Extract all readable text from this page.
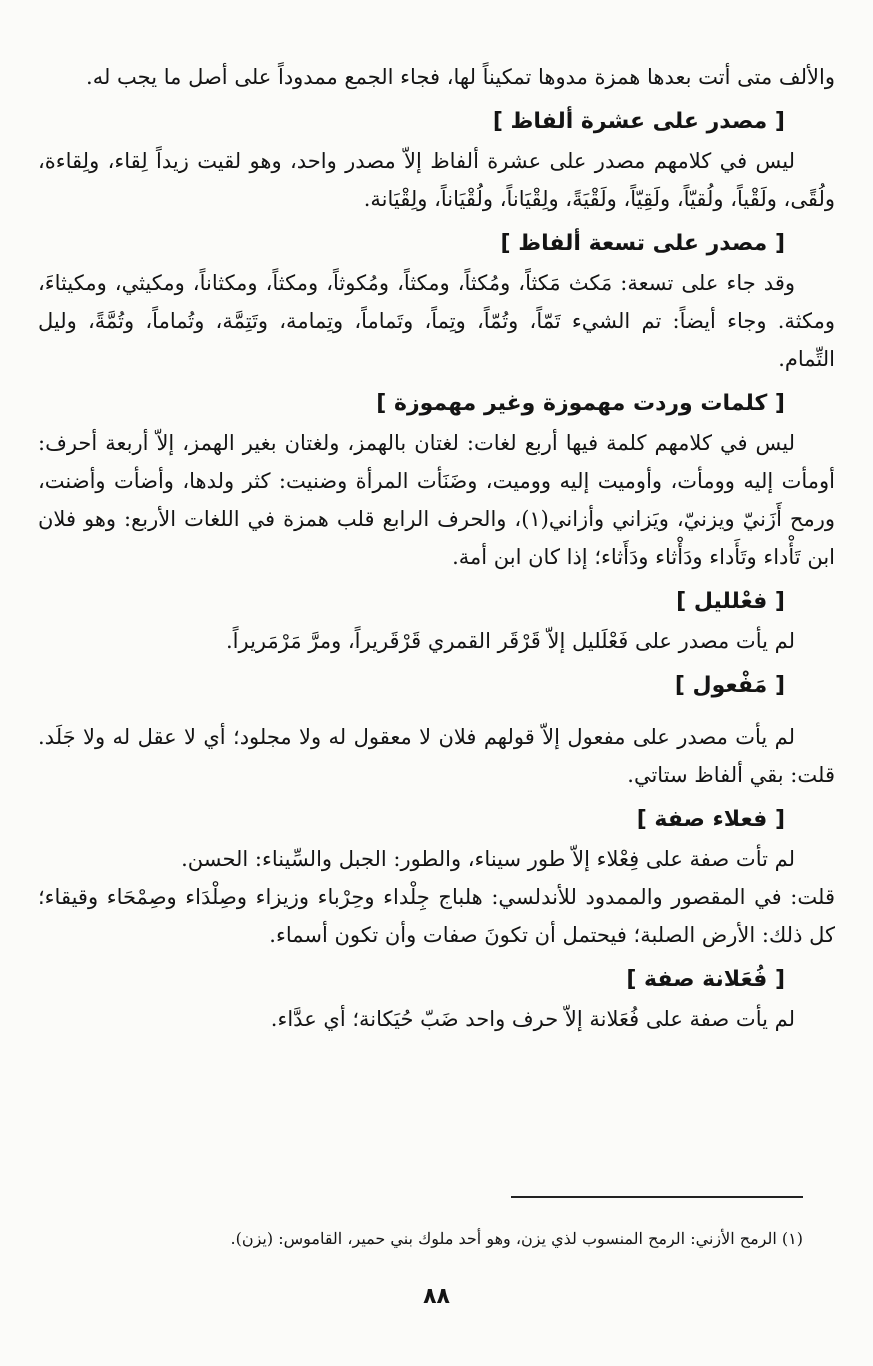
والألف متى أتت بعدها همزة مدوها تمكيناً لها، فجاء الجمع ممدوداً على أصل ما يجب له.

[ مصدر على عشرة ألفاظ ]

ليس في كلامهم مصدر على عشرة ألفاظ إلاّ مصدر واحد، وهو لقيت زيداً لِقاء، ولِقاءة، ولُقًى، ولَقْياً، ولُقيّاً، ولَقِيّاً، ولَقْيَةً، ولِقْيَاناً، ولُقْيَاناً، ولِقْيَانة.

[ مصدر على تسعة ألفاظ ]

وقد جاء على تسعة: مَكث مَكثاً، ومُكثاً، ومكثاً، ومُكوثاً، ومكثاً، ومكثاناً، ومكيثي، ومكيثاءَ، ومكثة. وجاء أيضاً: تم الشيء تَمّاً، وتُمّاً، وتِماً، وتَماماً، وتِمامة، وتَتِمَّة، وتُماماً، وتُمَّةً، وليل التِّمام.

[ كلمات وردت مهموزة وغير مهموزة ]

ليس في كلامهم كلمة فيها أربع لغات: لغتان بالهمز، ولغتان بغير الهمز، إلاّ أربعة أحرف: أومأت إليه وومأت، وأوميت إليه ووميت، وضَنَأت المرأة وضنيت: كثر ولدها، وأضأت وأضنت، ورمح أَزَنيّ ويزنيّ، ويَزاني وأزاني(١)، والحرف الرابع قلب همزة في اللغات الأربع: وهو فلان ابن تَأْداء وتَأَداء ودَأْثاء ودَأَثاء؛ إذا كان ابن أمة.

[ فعْلليل ]

لم يأت مصدر على فَعْلَليل إلاّ قَرْقَر القمري قَرْقَريراً، ومرَّ مَرْمَريراً.

[ مَفْعول ]

لم يأت مصدر على مفعول إلاّ قولهم فلان لا معقول له ولا مجلود؛ أي لا عقل له ولا جَلَد. قلت: بقي ألفاظ ستاتي.

[ فعلاء صفة ]

لم تأت صفة على فِعْلاء إلاّ طور سيناء، والطور: الجبل والسِّيناء: الحسن.

قلت: في المقصور والممدود للأندلسي: هلباج جِلْداء وحِرْباء وزيزاء وصِلْدَاء وصِمْحَاء وقيقاء؛ كل ذلك: الأرض الصلبة؛ فيحتمل أن تكونَ صفات وأن تكون أسماء.

[ فُعَلانة صفة ]

لم يأت صفة على فُعَلانة إلاّ حرف واحد ضَبّ حُيَكانة؛ أي عدَّاء.

(١) الرمح الأزني: الرمح المنسوب لذي يزن، وهو أحد ملوك بني حمير، القاموس: (يزن).
٨٨
